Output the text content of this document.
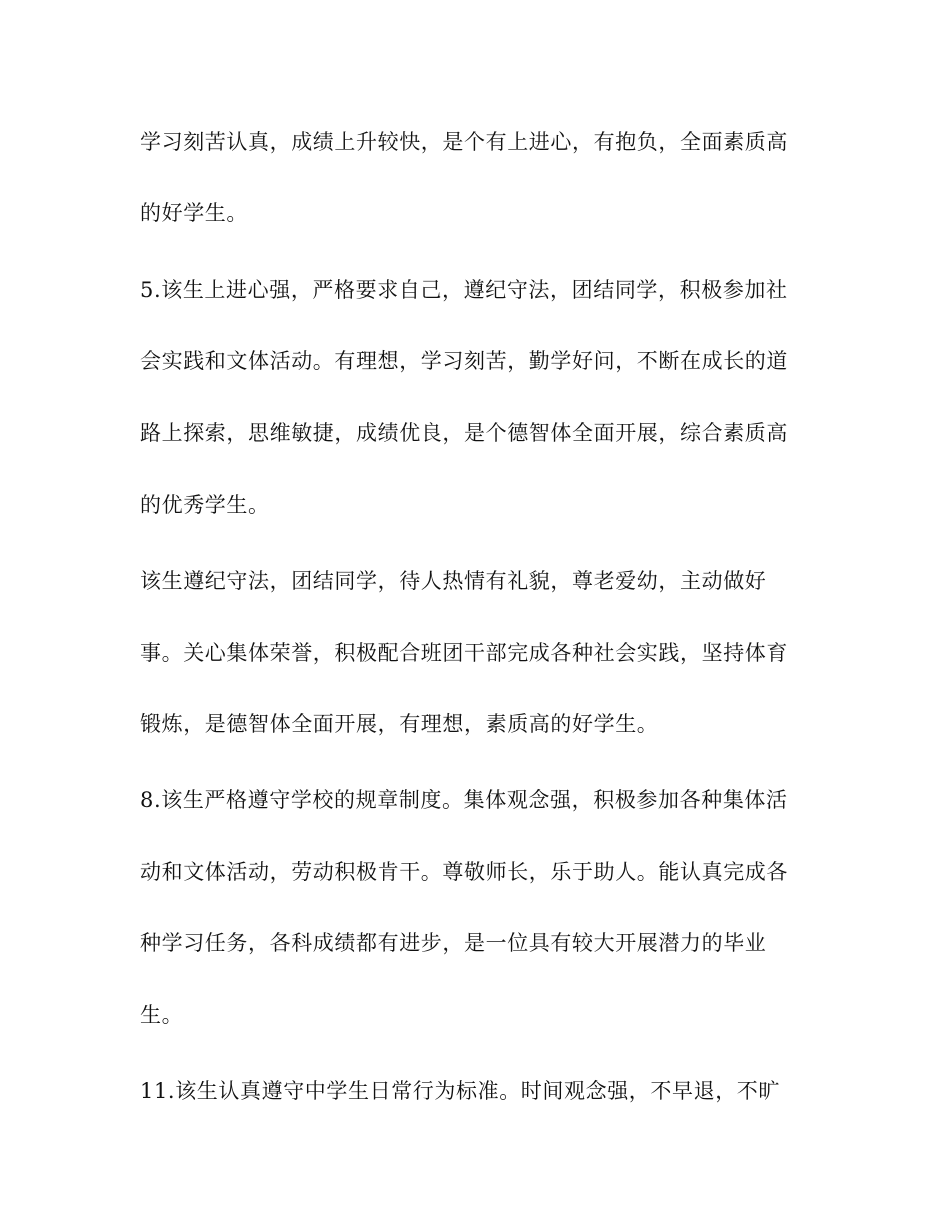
学习刻苦认真，成绩上升较快，是个有上进心，有抱负，全面素质高
的好学生。
5.该生上进心强，严格要求自己，遵纪守法，团结同学，积极参加社
会实践和文体活动。有理想，学习刻苦，勤学好问，不断在成长的道
路上探索，思维敏捷，成绩优良，是个德智体全面开展，综合素质高
的优秀学生。
该生遵纪守法，团结同学，待人热情有礼貌，尊老爱幼，主动做好
事。关心集体荣誉，积极配合班团干部完成各种社会实践，坚持体育
锻炼，是德智体全面开展，有理想，素质高的好学生。
8.该生严格遵守学校的规章制度。集体观念强，积极参加各种集体活
动和文体活动，劳动积极肯干。尊敬师长，乐于助人。能认真完成各
种学习任务，各科成绩都有进步，是一位具有较大开展潜力的毕业
生。
11.该生认真遵守中学生日常行为标准。时间观念强，不早退，不旷
